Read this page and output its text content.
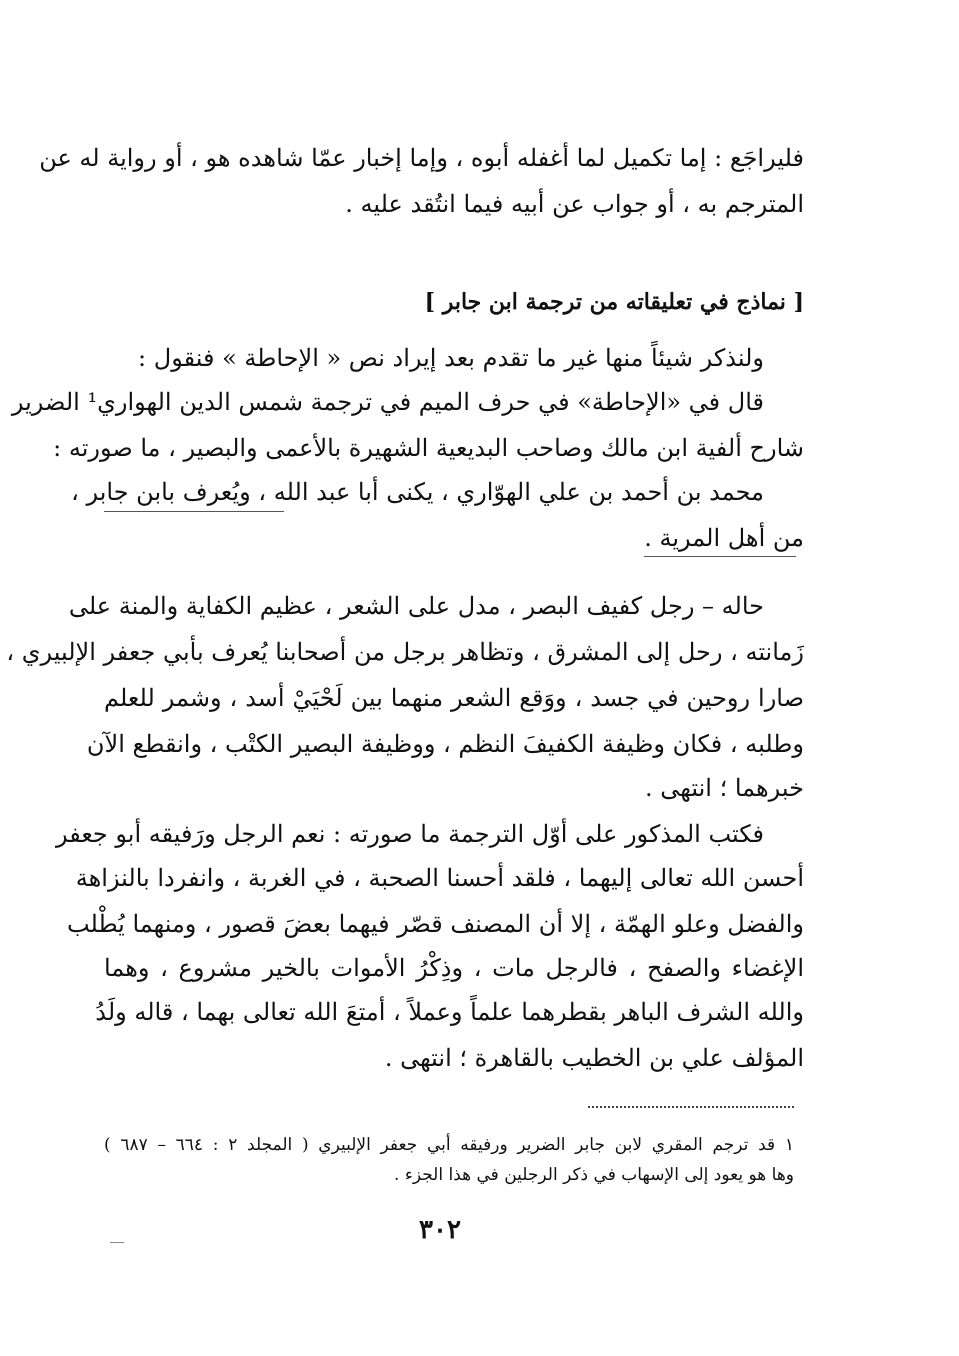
فليراجَع : إما تكميل لما أغفله أبوه ، وإما إخبار عمّا شاهده هو ، أو رواية له عن
المترجم به ، أو جواب عن أبيه فيما انتُقد عليه .
[ نماذج في تعليقاته من ترجمة ابن جابر ]
ولنذكر شيئاً منها غير ما تقدم بعد إيراد نص « الإحاطة » فنقول :
قال في «الإحاطة» في حرف الميم في ترجمة شمس الدين الهواري¹ الضرير
شارح ألفية ابن مالك وصاحب البديعية الشهيرة بالأعمى والبصير ، ما صورته :
محمد بن أحمد بن علي الهوّاري ، يكنى أبا عبد الله ، ويُعرف بابن جابر ،
من أهل المرية .
حاله – رجل كفيف البصر ، مدل على الشعر ، عظيم الكفاية والمنة على
زَمانته ، رحل إلى المشرق ، وتظاهر برجل من أصحابنا يُعرف بأبي جعفر الإلبيري ،
صارا روحين في جسد ، ووَقع الشعر منهما بين لَحْيَيْ أسد ، وشمر للعلم
وطلبه ، فكان وظيفة الكفيفَ النظم ، ووظيفة البصير الكتْب ، وانقطع الآن
خبرهما ؛ انتهى .
فكتب المذكور على أوّل الترجمة ما صورته : نعم الرجل ورَفيقه أبو جعفر
أحسن الله تعالى إليهما ، فلقد أحسنا الصحبة ، في الغربة ، وانفردا بالنزاهة
والفضل وعلو الهمّة ، إلا أن المصنف قصّر فيهما بعضَ قصور ، ومنهما يُطْلب
الإغضاء والصفح ، فالرجل مات ، وذِكْرُ الأموات بالخير مشروع ، وهما
والله الشرف الباهر بقطرهما علماً وعملاً ، أمتعَ الله تعالى بهما ، قاله ولَدُ
المؤلف علي بن الخطيب بالقاهرة ؛ انتهى .
١ قد ترجم المقري لابن جابر الضرير ورفيقه أبي جعفر الإلبيري ( المجلد ٢ : ٦٦٤ – ٦٨٧ )
وها هو يعود إلى الإسهاب في ذكر الرجلين في هذا الجزء .
٣٠٢
